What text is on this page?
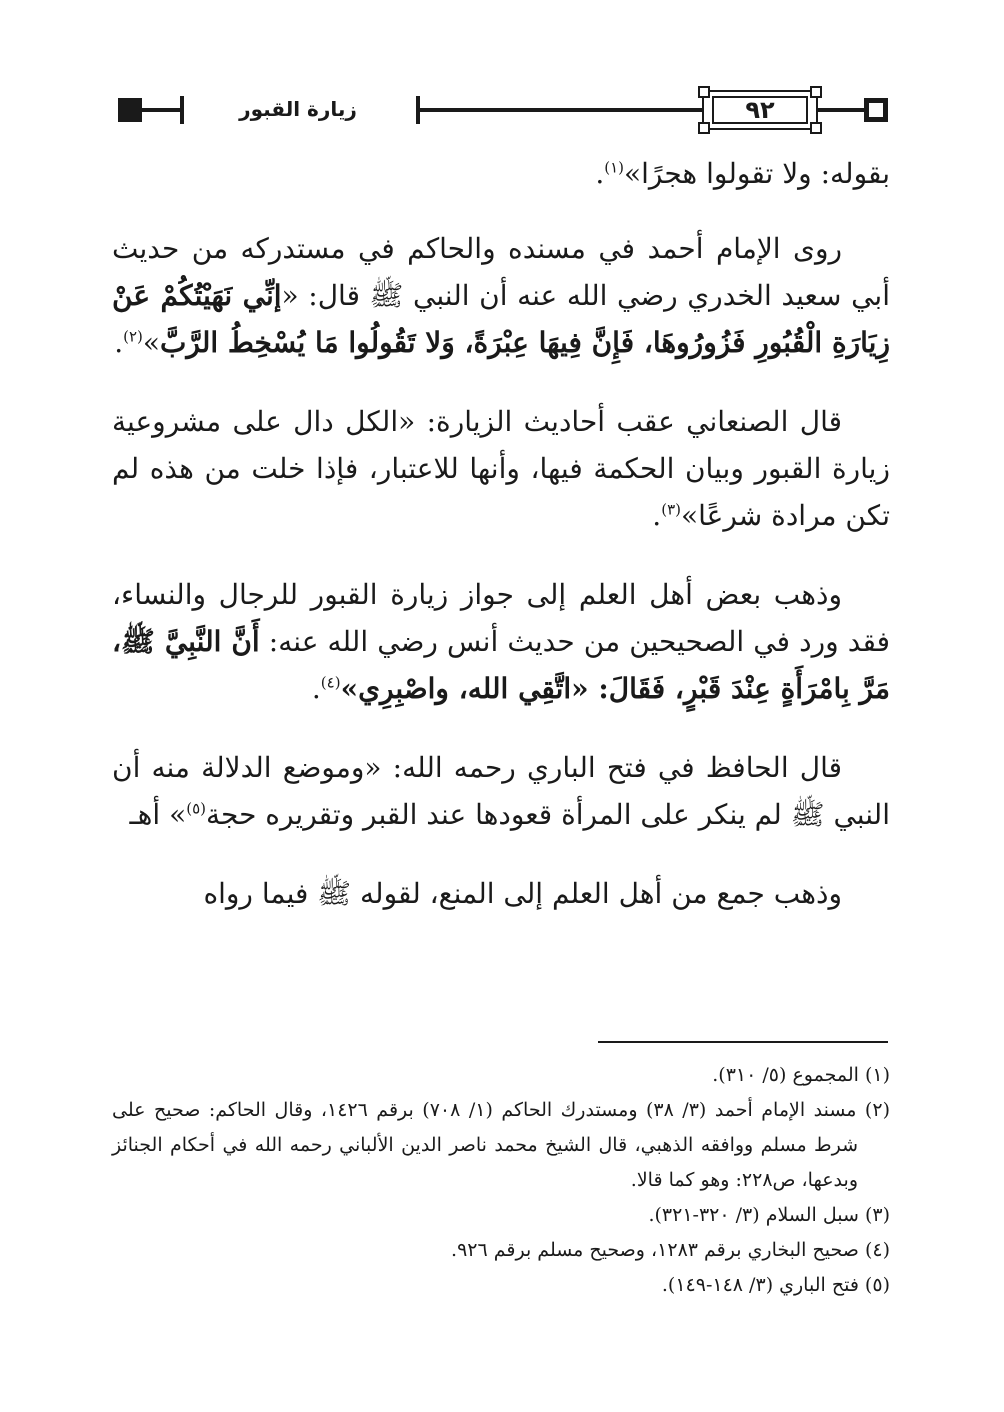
زيارة القبور	٩٢

بقوله: ولا تقولوا هجرًا»$^{(١)}$.

روى الإمام أحمد في مسنده والحاكم في مستدركه من حديث أبي سعيد الخدري رضي الله عنه أن النبي ﷺ قال: «إنِّي نَهَيْتُكُمْ عَنْ زِيَارَةِ الْقُبُورِ فَزُورُوهَا، فَإِنَّ فِيهَا عِبْرَةً، وَلا تَقُولُوا مَا يُسْخِطُ الرَّبَّ»$^{(٢)}$.

قال الصنعاني عقب أحاديث الزيارة: «الكل دال على مشروعية زيارة القبور وبيان الحكمة فيها، وأنها للاعتبار، فإذا خلت من هذه لم تكن مرادة شرعًا»$^{(٣)}$.

وذهب بعض أهل العلم إلى جواز زيارة القبور للرجال والنساء، فقد ورد في الصحيحين من حديث أنس رضي الله عنه: أَنَّ النَّبِيَّ ﷺ، مَرَّ بِامْرَأَةٍ عِنْدَ قَبْرٍ، فَقَالَ: «اتَّقِي الله، واصْبِرِي»$^{(٤)}$.

قال الحافظ في فتح الباري رحمه الله: «وموضع الدلالة منه أن النبي ﷺ لم ينكر على المرأة قعودها عند القبر وتقريره حجة$^{(٥)}$» أهـ

وذهب جمع من أهل العلم إلى المنع، لقوله ﷺ فيما رواه

(١) المجموع (٥/ ٣١٠).

(٢) مسند الإمام أحمد (٣/ ٣٨) ومستدرك الحاكم (١/ ٧٠٨) برقم ١٤٢٦، وقال الحاكم: صحيح على شرط مسلم ووافقه الذهبي، قال الشيخ محمد ناصر الدين الألباني رحمه الله في أحكام الجنائز وبدعها، ص٢٢٨: وهو كما قالا.

(٣) سبل السلام (٣/ ٣٢٠-٣٢١).

(٤) صحيح البخاري برقم ١٢٨٣، وصحيح مسلم برقم ٩٢٦.

(٥) فتح الباري (٣/ ١٤٨-١٤٩).
